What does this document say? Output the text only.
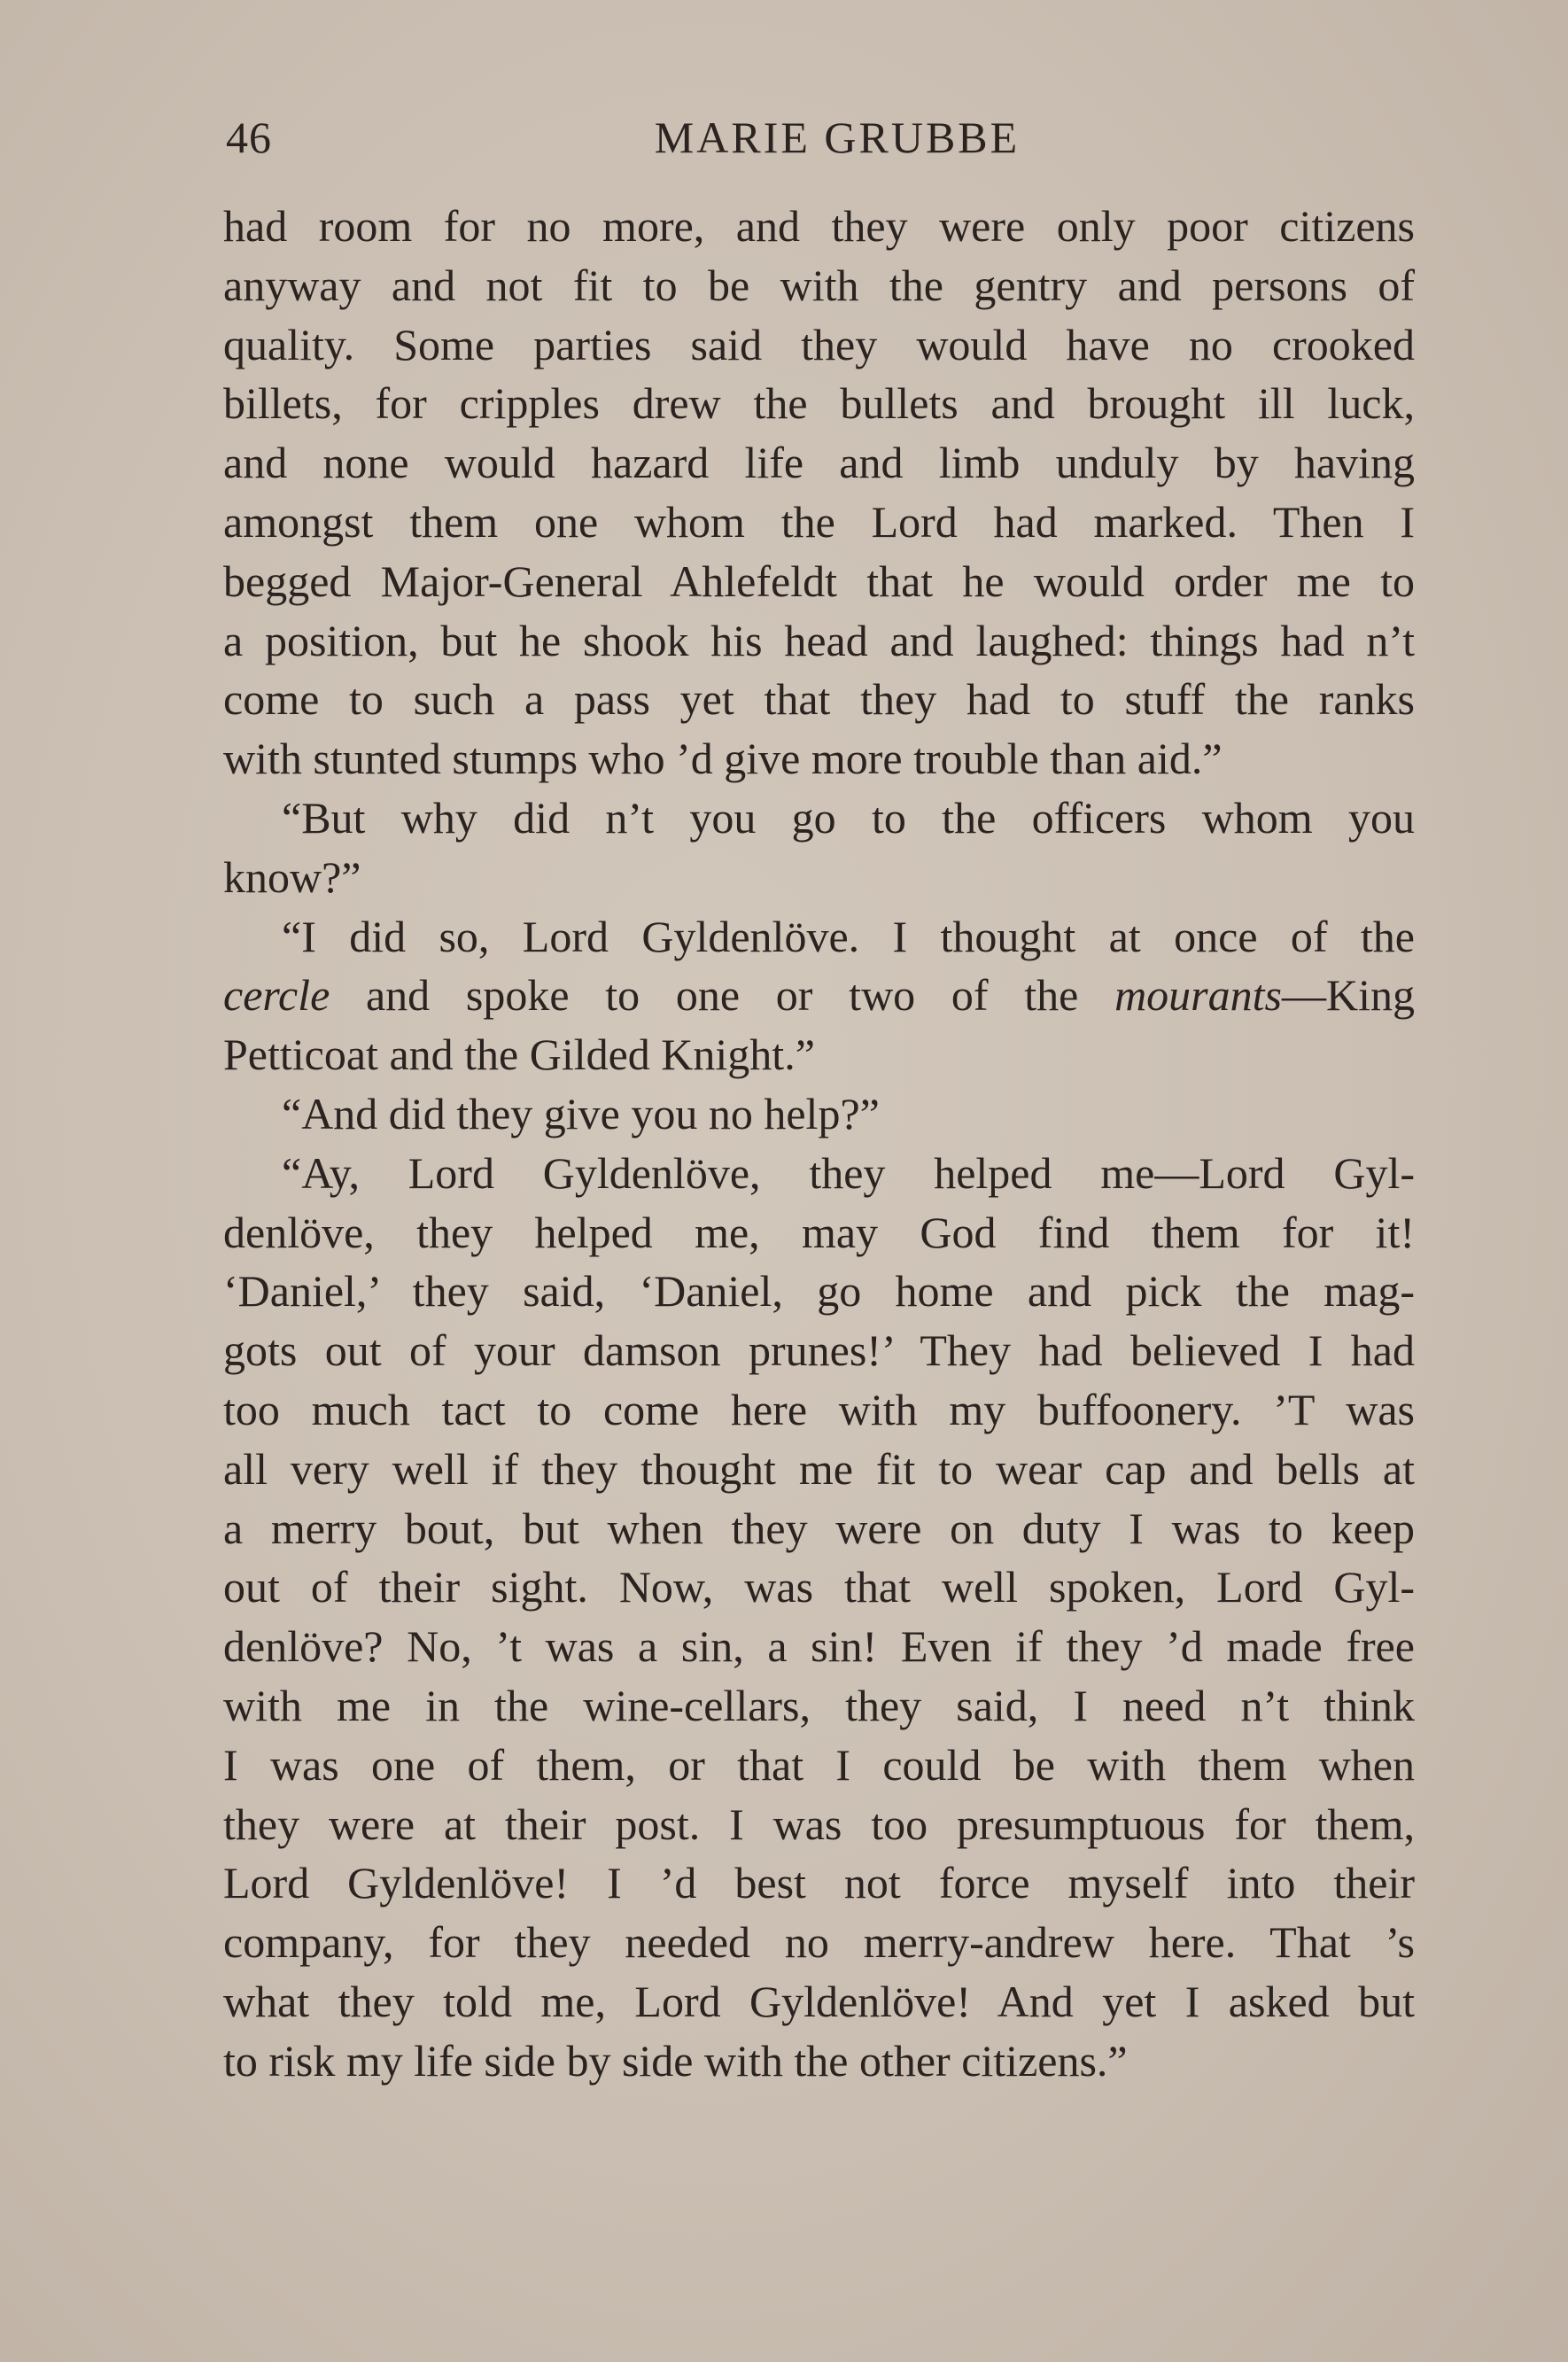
46	MARIE GRUBBE
had room for no more, and they were only poor citizens
anyway and not fit to be with the gentry and persons of
quality. Some parties said they would have no crooked
billets, for cripples drew the bullets and brought ill luck,
and none would hazard life and limb unduly by having
amongst them one whom the Lord had marked. Then I
begged Major-General Ahlefeldt that he would order me to
a position, but he shook his head and laughed: things had n’t
come to such a pass yet that they had to stuff the ranks
with stunted stumps who ’d give more trouble than aid.”
“But why did n’t you go to the officers whom you
know?”
“I did so, Lord Gyldenlöve. I thought at once of the
cercle and spoke to one or two of the mourants—King
Petticoat and the Gilded Knight.”
“And did they give you no help?”
“Ay, Lord Gyldenlöve, they helped me—Lord Gyl-
denlöve, they helped me, may God find them for it!
‘Daniel,’ they said, ‘Daniel, go home and pick the mag-
gots out of your damson prunes!’ They had believed I had
too much tact to come here with my buffoonery. ’T was
all very well if they thought me fit to wear cap and bells at
a merry bout, but when they were on duty I was to keep
out of their sight. Now, was that well spoken, Lord Gyl-
denlöve? No, ’t was a sin, a sin! Even if they ’d made free
with me in the wine-cellars, they said, I need n’t think
I was one of them, or that I could be with them when
they were at their post. I was too presumptuous for them,
Lord Gyldenlöve! I ’d best not force myself into their
company, for they needed no merry-andrew here. That ’s
what they told me, Lord Gyldenlöve! And yet I asked but
to risk my life side by side with the other citizens.”
